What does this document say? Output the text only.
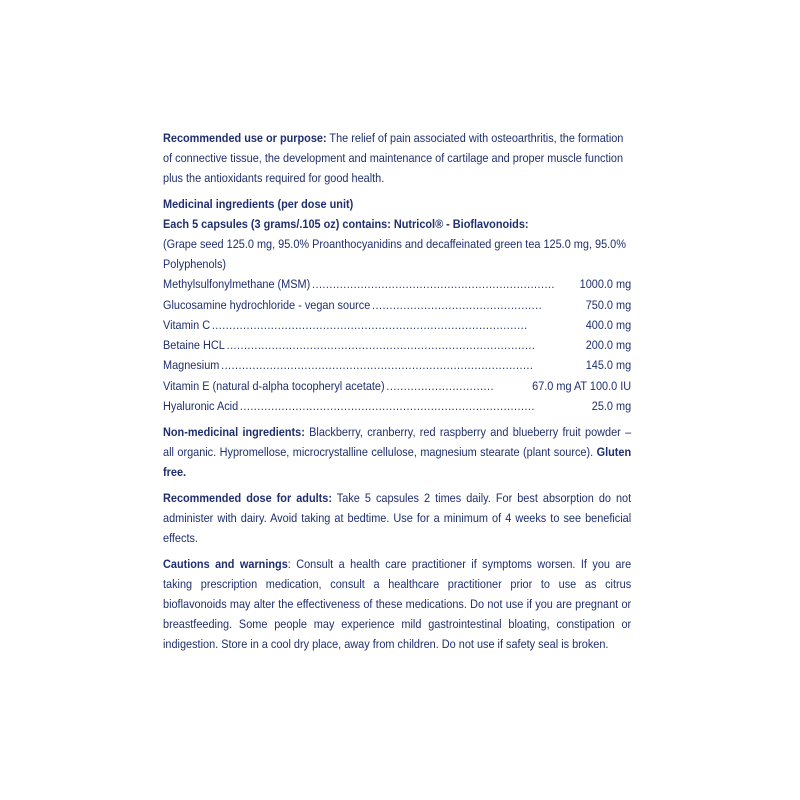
Recommended use or purpose: The relief of pain associated with osteoarthritis, the formation of connective tissue, the development and maintenance of cartilage and proper muscle function plus the antioxidants required for good health.

Medicinal ingredients (per dose unit)

Each 5 capsules (3 grams/.105 oz) contains: Nutricol® - Bioflavonoids:

(Grape seed 125.0 mg, 95.0% Proanthocyanidins and decaffeinated green tea 125.0 mg, 95.0% Polyphenols)

Methylsulfonylmethane (MSM) ...................................................................... 1000.0 mg
Glucosamine hydrochloride - vegan source .................................................	750.0 mg
Vitamin C ...........................................................................................	400.0 mg
Betaine HCL .........................................................................................	200.0 mg
Magnesium ..........................................................................................	145.0 mg
Vitamin E (natural d-alpha tocopheryl acetate) ...............................	67.0 mg AT 100.0 IU
Hyaluronic Acid .....................................................................................	25.0 mg

Non-medicinal ingredients: Blackberry, cranberry, red raspberry and blueberry fruit powder – all organic. Hypromellose, microcrystalline cellulose, magnesium stearate (plant source). Gluten free.

Recommended dose for adults: Take 5 capsules 2 times daily. For best absorption do not administer with dairy. Avoid taking at bedtime. Use for a minimum of 4 weeks to see beneficial effects.

Cautions and warnings: Consult a health care practitioner if symptoms worsen. If you are taking prescription medication, consult a healthcare practitioner prior to use as citrus bioflavonoids may alter the effectiveness of these medications. Do not use if you are pregnant or breastfeeding. Some people may experience mild gastrointestinal bloating, constipation or indigestion. Store in a cool dry place, away from children. Do not use if safety seal is broken.
